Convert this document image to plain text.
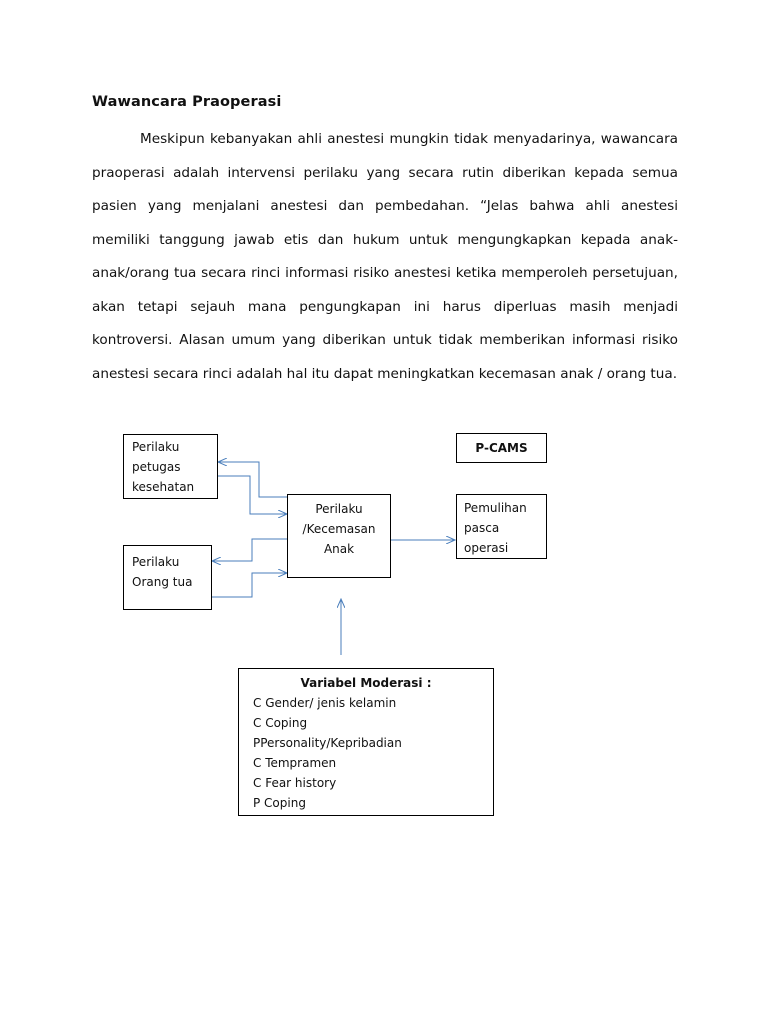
Wawancara Praoperasi

Meskipun kebanyakan ahli anestesi mungkin tidak menyadarinya, wawancara praoperasi adalah intervensi perilaku yang secara rutin diberikan kepada semua pasien yang menjalani anestesi dan pembedahan. “Jelas bahwa ahli anestesi memiliki tanggung jawab etis dan hukum untuk mengungkapkan kepada anak-anak/orang tua secara rinci informasi risiko anestesi ketika memperoleh persetujuan, akan tetapi sejauh mana pengungkapan ini harus diperluas masih menjadi kontroversi. Alasan umum yang diberikan untuk tidak memberikan informasi risiko anestesi secara rinci adalah hal itu dapat meningkatkan kecemasan anak / orang tua.

Perilaku
petugas
kesehatan
Perilaku
Orang tua
Perilaku
/Kecemasan
Anak
P-CAMS
Pemulihan
pasca
operasi
Variabel Moderasi :
C Gender/ jenis kelamin
C Coping
PPersonality/Kepribadian
C Tempramen
C Fear history
P Coping
